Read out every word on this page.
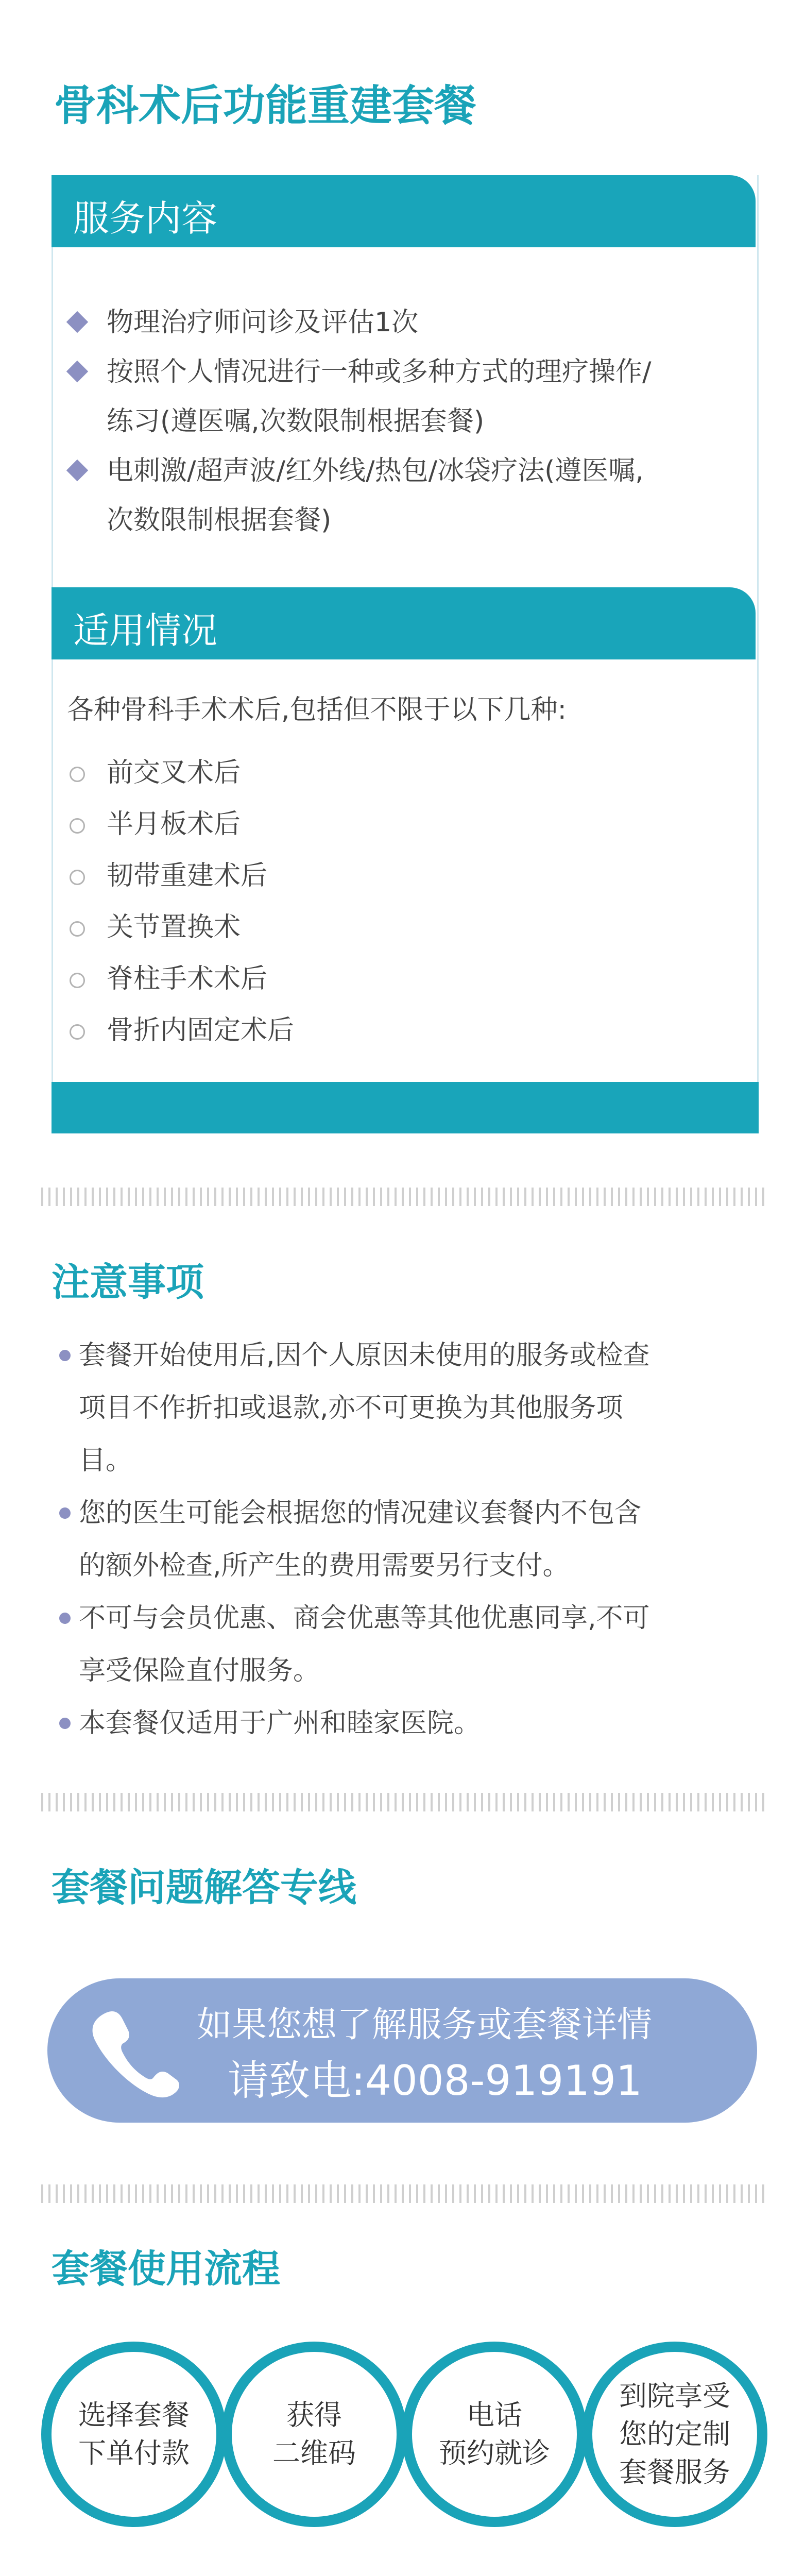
骨科术后功能重建套餐
服务内容
物理治疗师问诊及评估1次
按照个人情况进行一种或多种方式的理疗操作/
练习(遵医嘱,次数限制根据套餐)
电刺激/超声波/红外线/热包/冰袋疗法(遵医嘱,
次数限制根据套餐)
适用情况
各种骨科手术术后,包括但不限于以下几种:
前交叉术后
半月板术后
韧带重建术后
关节置换术
脊柱手术术后
骨折内固定术后
注意事项
套餐开始使用后,因个人原因未使用的服务或检查
项目不作折扣或退款,亦不可更换为其他服务项
目。
您的医生可能会根据您的情况建议套餐内不包含
的额外检查,所产生的费用需要另行支付。
不可与会员优惠、商会优惠等其他优惠同享,不可
享受保险直付服务。
本套餐仅适用于广州和睦家医院。
套餐问题解答专线
如果您想了解服务或套餐详情
请致电:4008-919191
套餐使用流程
选择套餐
下单付款
获得
二维码
电话
预约就诊
到院享受
您的定制
套餐服务
